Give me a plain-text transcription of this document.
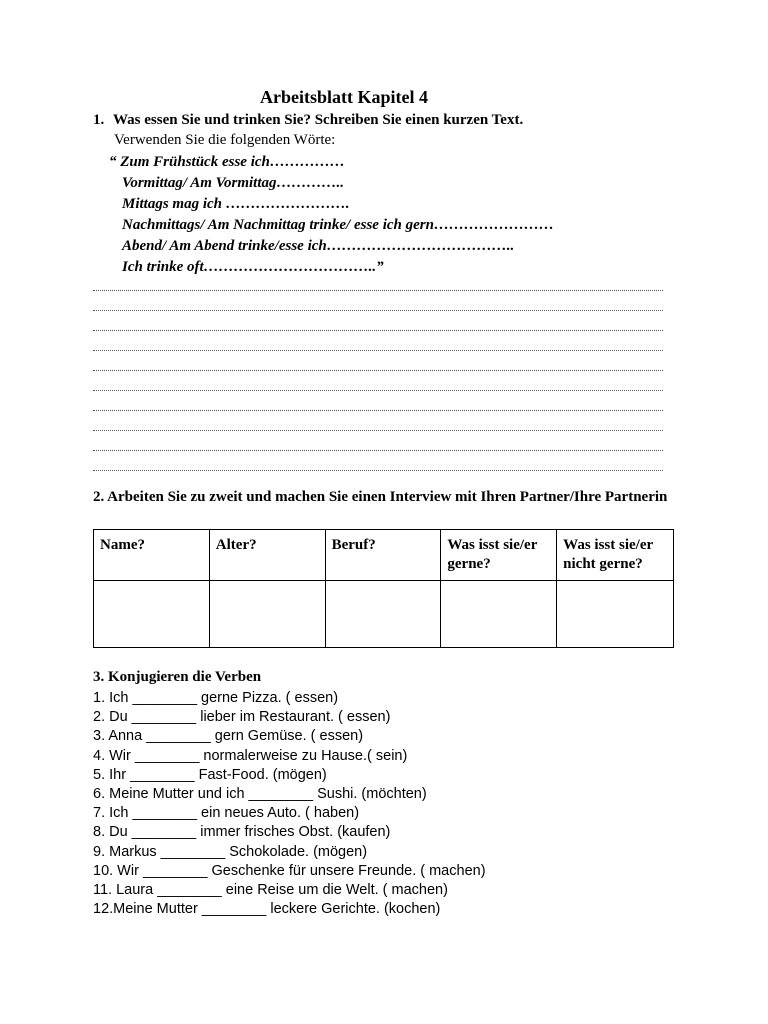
Arbeitsblatt Kapitel 4
1. Was essen Sie und trinken Sie? Schreiben Sie einen kurzen Text.
Verwenden Sie die folgenden Wörte:
“ Zum Frühstück esse ich……………
Vormittag/ Am Vormittag…………..
Mittags mag ich …………………….
Nachmittags/ Am Nachmittag trinke/ esse ich gern……………………
Abend/ Am Abend trinke/esse ich………………………………..
Ich trinke oft……………………………..”
2. Arbeiten Sie zu zweit und machen Sie einen Interview mit Ihren Partner/Ihre Partnerin
Name?	Alter?	Beruf?	Was isst sie/er gerne?	Was isst sie/er nicht gerne?

3. Konjugieren die Verben
1. Ich ________ gerne Pizza. ( essen)
2. Du ________ lieber im Restaurant. ( essen)
3. Anna ________ gern Gemüse. ( essen)
4. Wir ________ normalerweise zu Hause.( sein)
5. Ihr ________ Fast-Food. (mögen)
6. Meine Mutter und ich ________ Sushi. (möchten)
7. Ich ________ ein neues Auto. ( haben)
8. Du ________ immer frisches Obst. (kaufen)
9. Markus ________ Schokolade. (mögen)
10. Wir ________ Geschenke für unsere Freunde. ( machen)
11. Laura ________ eine Reise um die Welt. ( machen)
12.Meine Mutter ________ leckere Gerichte. (kochen)
